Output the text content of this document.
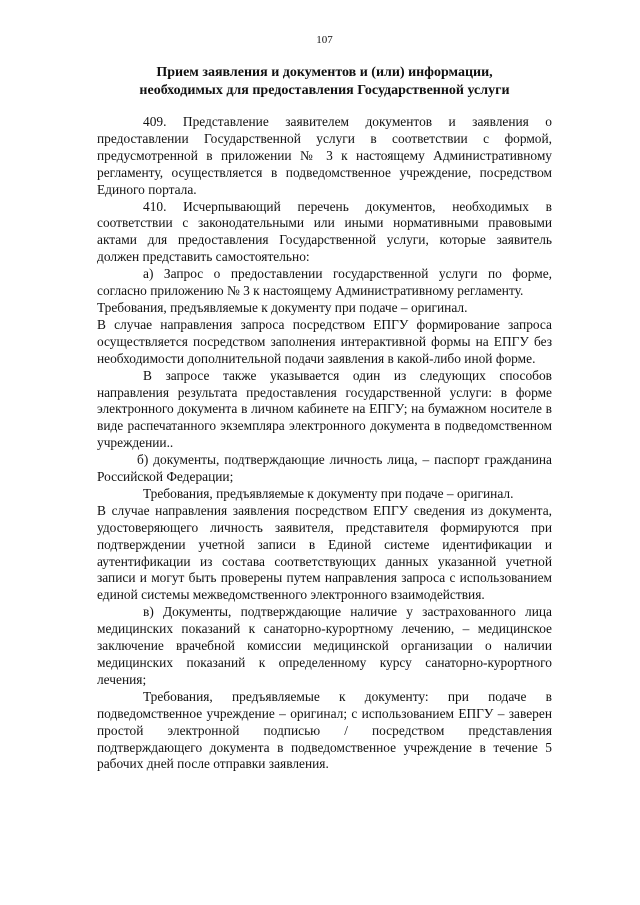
107
Прием заявления и документов и (или) информации,
необходимых для предоставления Государственной услуги

409. Представление заявителем документов и заявления о предоставлении Государственной услуги в соответствии с формой, предусмотренной в приложении № 3 к настоящему Административному регламенту, осуществляется в подведомственное учреждение, посредством Единого портала.

410. Исчерпывающий перечень документов, необходимых в соответствии с законодательными или иными нормативными правовыми актами для предоставления Государственной услуги, которые заявитель должен представить самостоятельно:

а) Запрос о предоставлении государственной услуги по форме, согласно приложению № 3 к настоящему Административному регламенту.

Требования, предъявляемые к документу при подаче – оригинал.

В случае направления запроса посредством ЕПГУ формирование запроса осуществляется посредством заполнения интерактивной формы на ЕПГУ без необходимости дополнительной подачи заявления в какой-либо иной форме.

В запросе также указывается один из следующих способов направления результата предоставления государственной услуги: в форме электронного документа в личном кабинете на ЕПГУ; на бумажном носителе в виде распечатанного экземпляра электронного документа в подведомственном учреждении..

б) документы, подтверждающие личность лица, – паспорт гражданина Российской Федерации;

Требования, предъявляемые к документу при подаче – оригинал.

В случае направления заявления посредством ЕПГУ сведения из документа, удостоверяющего личность заявителя, представителя формируются при подтверждении учетной записи в Единой системе идентификации и аутентификации из состава соответствующих данных указанной учетной записи и могут быть проверены путем направления запроса с использованием единой системы межведомственного электронного взаимодействия.

в) Документы, подтверждающие наличие у застрахованного лица медицинских показаний к санаторно-курортному лечению, – медицинское заключение врачебной комиссии медицинской организации о наличии медицинских показаний к определенному курсу санаторно-курортного лечения;

Требования, предъявляемые к документу: при подаче в подведомственное учреждение – оригинал; с использованием ЕПГУ – заверен простой электронной подписью / посредством представления подтверждающего документа в подведомственное учреждение в течение 5 рабочих дней после отправки заявления.
